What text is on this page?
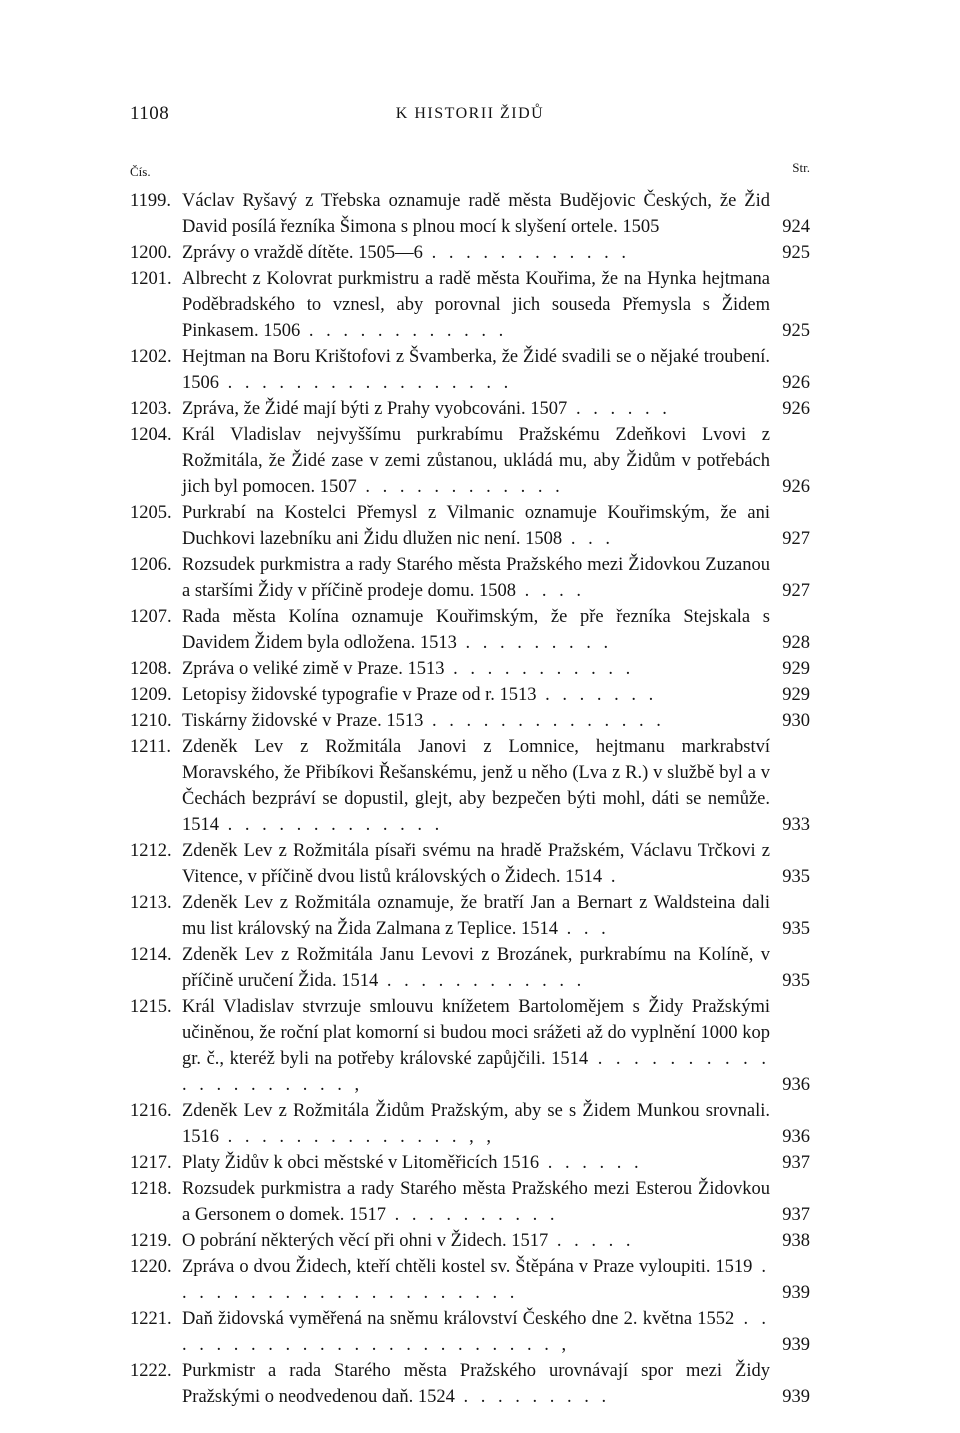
1108	K HISTORII ŽIDŮ
Čís.	Str.
1199. Václav Ryšavý z Třebska oznamuje radě města Budějovic Českých, že Žid David posílá řezníka Šimona s plnou mocí k slyšení ortele. 1505	924
1200. Zprávy o vraždě dítěte. 1505—6 . . . . . . . . . . . .	925
1201. Albrecht z Kolovrat purkmistru a radě města Kouřima, že na Hynka hejtmana Poděbradského to vznesl, aby porovnal jich souseda Přemysla s Židem Pinkasem. 1506 . . . . . . . . . . . .	925
1202. Hejtman na Boru Krištofovi z Švamberka, že Židé svadili se o nějaké troubení. 1506 . . . . . . . . . . . . . . . . .	926
1203. Zpráva, že Židé mají býti z Prahy vyobcováni. 1507 . . . . . .	926
1204. Král Vladislav nejvyššímu purkrabímu Pražskému Zdeňkovi Lvovi z Rožmitála, že Židé zase v zemi zůstanou, ukládá mu, aby Židům v potřebách jich byl pomocen. 1507 . . . . . . . . . . . .	926
1205. Purkrabí na Kostelci Přemysl z Vilmanic oznamuje Kouřimským, že ani Duchkovi lazebníku ani Židu dlužen nic není. 1508 . . .	927
1206. Rozsudek purkmistra a rady Starého města Pražského mezi Židovkou Zuzanou a staršími Židy v příčině prodeje domu. 1508 . . . .	927
1207. Rada města Kolína oznamuje Kouřimským, že pře řezníka Stejskala s Davidem Židem byla odložena. 1513 . . . . . . . . .	928
1208. Zpráva o veliké zimě v Praze. 1513 . . . . . . . . . . .	929
1209. Letopisy židovské typografie v Praze od r. 1513 . . . . . . .	929
1210. Tiskárny židovské v Praze. 1513 . . . . . . . . . . . . . .	930
1211. Zdeněk Lev z Rožmitála Janovi z Lomnice, hejtmanu markrabství Moravského, že Přibíkovi Řešanskému, jenž u něho (Lva z R.) v službě byl a v Čechách bezpráví se dopustil, glejt, aby bezpečen býti mohl, dáti se nemůže. 1514 . . . . . . . . . . . . .	933
1212. Zdeněk Lev z Rožmitála písaři svému na hradě Pražském, Václavu Trčkovi z Vitence, v příčině dvou listů královských o Židech. 1514 .	935
1213. Zdeněk Lev z Rožmitála oznamuje, že bratří Jan a Bernart z Waldsteina dali mu list královský na Žida Zalmana z Teplice. 1514 . . .	935
1214. Zdeněk Lev z Rožmitála Janu Levovi z Brozánek, purkrabímu na Kolíně, v příčině uručení Žida. 1514 . . . . . . . . . . . .	935
1215. Král Vladislav stvrzuje smlouvu knížetem Bartolomějem s Židy Pražskými učiněnou, že roční plat komorní si budou moci srážeti až do vyplnění 1000 kop gr. č., kteréž byli na potřeby královské zapůjčili. 1514 . . . . . . . . . . . . . . . . . . . . ,	936
1216. Zdeněk Lev z Rožmitála Židům Pražským, aby se s Židem Munkou srovnali. 1516 . . . . . . . . . . . . . . , ,	936
1217. Platy Židův k obci městské v Litoměřicích 1516 . . . . . .	937
1218. Rozsudek purkmistra a rady Starého města Pražského mezi Esterou Židovkou a Gersonem o domek. 1517 . . . . . . . . . .	937
1219. O pobrání některých věcí při ohni v Židech. 1517 . . . . .	938
1220. Zpráva o dvou Židech, kteří chtěli kostel sv. Štěpána v Praze vyloupiti. 1519 . . . . . . . . . . . . . . . . . . . . .	939
1221. Daň židovská vyměřená na sněmu království Českého dne 2. května 1552 . . . . . . . . . . . . . . . . . . . . . . . . ,	939
1222. Purkmistr a rada Starého města Pražského urovnávají spor mezi Židy Pražskými o neodvedenou daň. 1524 . . . . . . . . .	939
